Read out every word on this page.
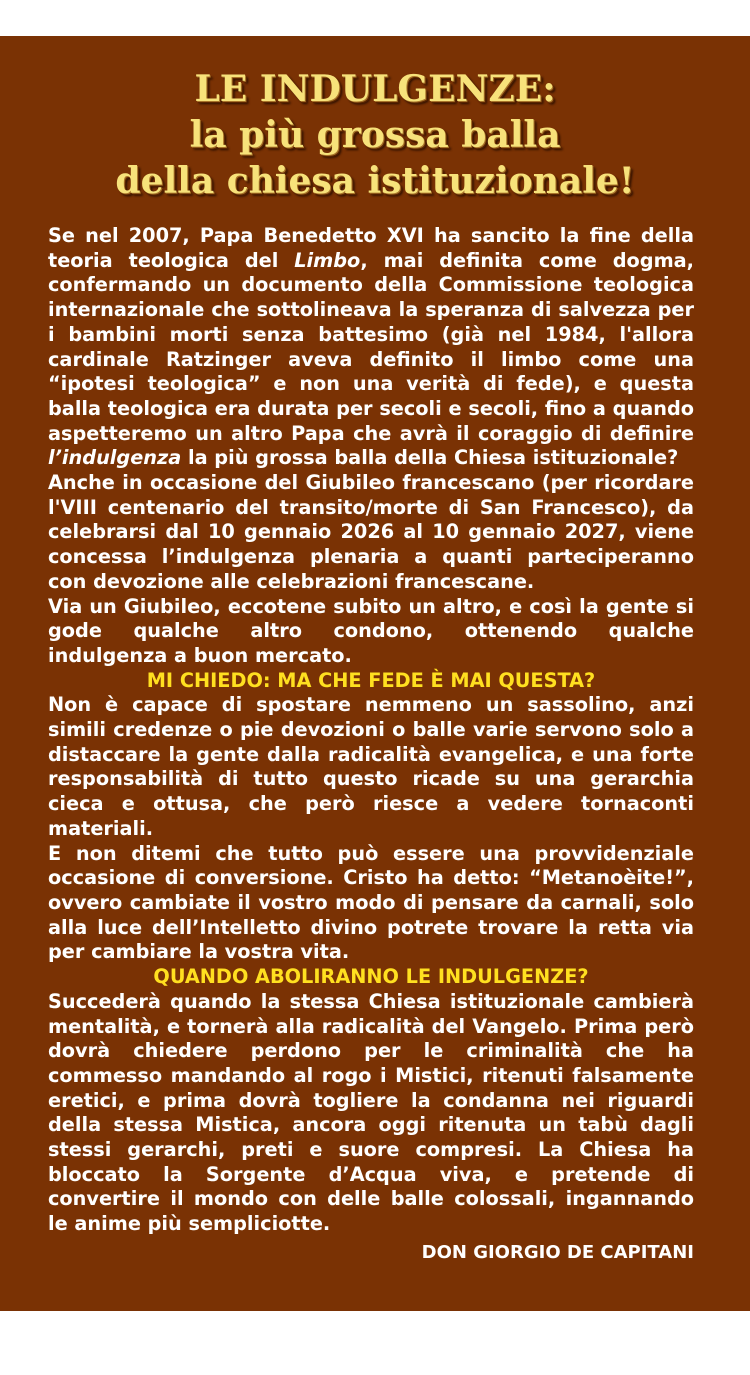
LE INDULGENZE:
la più grossa balla
della chiesa istituzionale!

Se nel 2007, Papa Benedetto XVI ha sancito la fine della teoria teologica del Limbo, mai definita come dogma, confermando un documento della Commissione teologica internazionale che sottolineava la speranza di salvezza per i bambini morti senza battesimo (già nel 1984, l'allora cardinale Ratzinger aveva definito il limbo come una “ipotesi teologica” e non una verità di fede), e questa balla teologica era durata per secoli e secoli, fino a quando aspetteremo un altro Papa che avrà il coraggio di definire l’indulgenza la più grossa balla della Chiesa istituzionale?

Anche in occasione del Giubileo francescano (per ricordare l'VIII centenario del transito/morte di San Francesco), da celebrarsi dal 10 gennaio 2026 al 10 gennaio 2027, viene concessa l’indulgenza plenaria a quanti parteciperanno con devozione alle celebrazioni francescane.

Via un Giubileo, eccotene subito un altro, e così la gente si gode qualche altro condono, ottenendo qualche indulgenza a buon mercato.

MI CHIEDO: MA CHE FEDE È MAI QUESTA?

Non è capace di spostare nemmeno un sassolino, anzi simili credenze o pie devozioni o balle varie servono solo a distaccare la gente dalla radicalità evangelica, e una forte responsabilità di tutto questo ricade su una gerarchia cieca e ottusa, che però riesce a vedere tornaconti materiali.

E non ditemi che tutto può essere una provvidenziale occasione di conversione. Cristo ha detto: “Metanoèite!”, ovvero cambiate il vostro modo di pensare da carnali, solo alla luce dell’Intelletto divino potrete trovare la retta via per cambiare la vostra vita.

QUANDO ABOLIRANNO LE INDULGENZE?

Succederà quando la stessa Chiesa istituzionale cambierà mentalità, e tornerà alla radicalità del Vangelo. Prima però dovrà chiedere perdono per le criminalità che ha commesso mandando al rogo i Mistici, ritenuti falsamente eretici, e prima dovrà togliere la condanna nei riguardi della stessa Mistica, ancora oggi ritenuta un tabù dagli stessi gerarchi, preti e suore compresi. La Chiesa ha bloccato la Sorgente d’Acqua viva, e pretende di convertire il mondo con delle balle colossali, ingannando le anime più sempliciotte.

DON GIORGIO DE CAPITANI
